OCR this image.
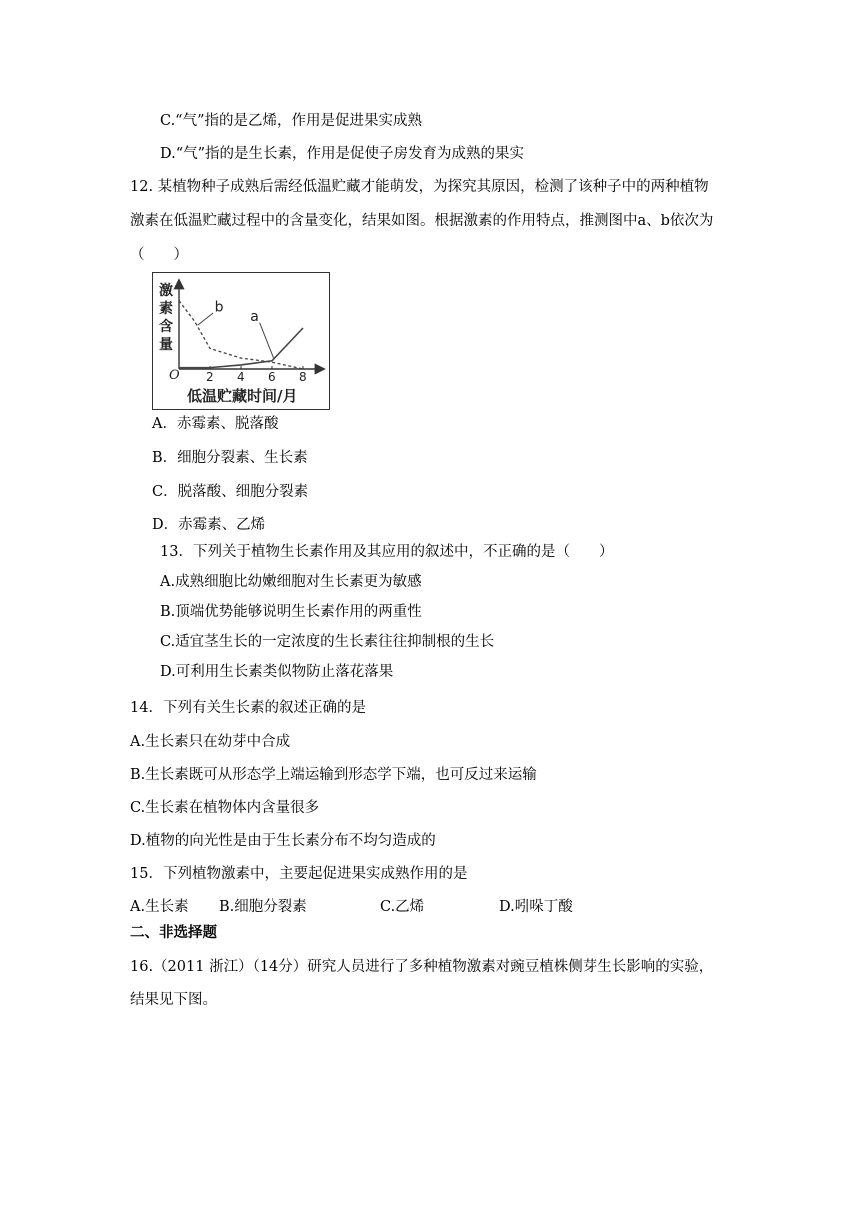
C.“气”指的是乙烯，作用是促进果实成熟
D.“气”指的是生长素，作用是促使子房发育为成熟的果实
12. 某植物种子成熟后需经低温贮藏才能萌发，为探究其原因，检测了该种子中的两种植物
激素在低温贮藏过程中的含量变化，结果如图。根据激素的作用特点，推测图中a、b依次为
（　　）
激素含量
O 2 4 6 8
b
a
低温贮藏时间/月
A．赤霉素、脱落酸
B．细胞分裂素、生长素
C．脱落酸、细胞分裂素
D．赤霉素、乙烯
13．下列关于植物生长素作用及其应用的叙述中，不正确的是（　　）
A.成熟细胞比幼嫩细胞对生长素更为敏感
B.顶端优势能够说明生长素作用的两重性
C.适宜茎生长的一定浓度的生长素往往抑制根的生长
D.可利用生长素类似物防止落花落果
14．下列有关生长素的叙述正确的是
A.生长素只在幼芽中合成
B.生长素既可从形态学上端运输到形态学下端，也可反过来运输
C.生长素在植物体内含量很多
D.植物的向光性是由于生长素分布不均匀造成的
15．下列植物激素中，主要起促进果实成熟作用的是
A.生长素 B.细胞分裂素	C.乙烯	D.吲哚丁酸
二、非选择题
16.（2011 浙江）（14分）研究人员进行了多种植物激素对豌豆植株侧芽生长影响的实验，
结果见下图。
